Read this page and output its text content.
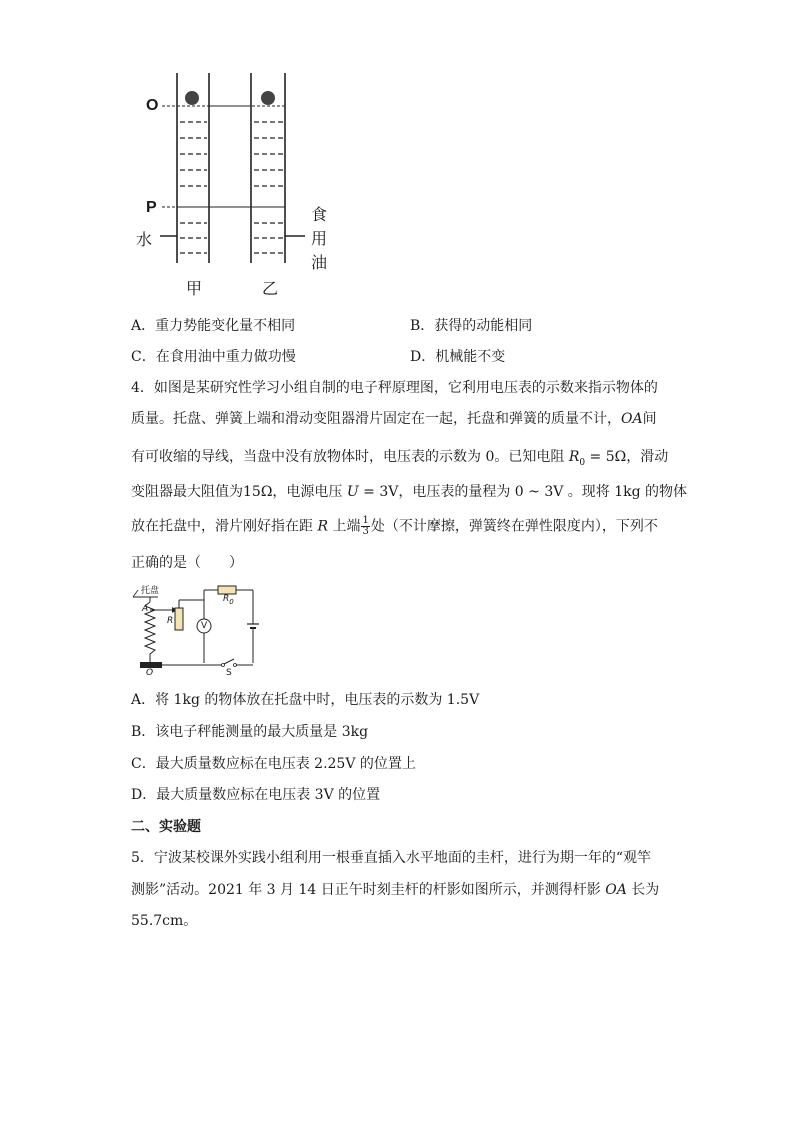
O
P
水
食
用
油
甲	乙
A．重力势能变化量不相同	B．获得的动能相同
C．在食用油中重力做功慢	D．机械能不变
4．如图是某研究性学习小组自制的电子秤原理图，它利用电压表的示数来指示物体的
质量。托盘、弹簧上端和滑动变阻器滑片固定在一起，托盘和弹簧的质量不计，OA间
有可收缩的导线，当盘中没有放物体时，电压表的示数为 0。已知电阻 $R_0 = 5\Omega$，滑动
变阻器最大阻值为15Ω，电源电压 U = 3V，电压表的量程为 0 ~ 3V 。现将 1kg 的物体
放在托盘中，滑片刚好指在距 R 上端 $\frac{1}{3}$ 处（不计摩擦，弹簧终在弹性限度内），下列不
正确的是（　　）
托盘
A
R
$R_0$
V
O	S
A．将 1kg 的物体放在托盘中时，电压表的示数为 1.5V
B．该电子秤能测量的最大质量是 3kg
C．最大质量数应标在电压表 2.25V 的位置上
D．最大质量数应标在电压表 3V 的位置
二、实验题
5．宁波某校课外实践小组利用一根垂直插入水平地面的圭杆，进行为期一年的“观竿
测影”活动。2021 年 3 月 14 日正午时刻圭杆的杆影如图所示，并测得杆影 OA 长为
55.7cm。
